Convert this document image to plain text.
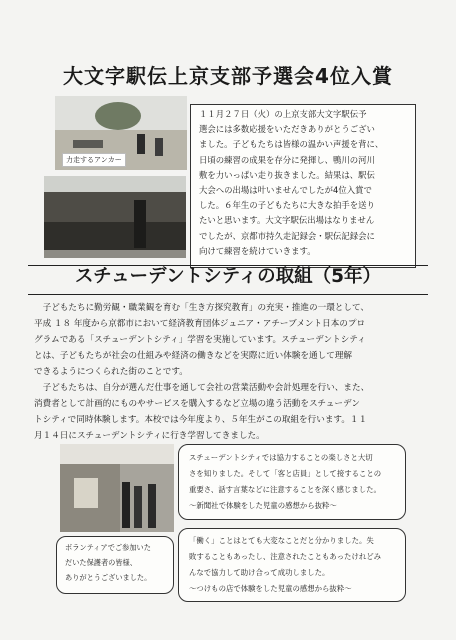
大文字駅伝上京支部予選会4位入賞
力走するアンカー
１１月２７日（火）の上京支部大文字駅伝予
選会には多数応援をいただきありがとうござい
ました。子どもたちは皆様の温かい声援を背に、
日頃の練習の成果を存分に発揮し、鴨川の河川
敷を力いっぱい走り抜きました。結果は、駅伝
大会への出場は叶いませんでしたが4位入賞で
した。６年生の子どもたちに大きな拍手を送り
たいと思います。大文字駅伝出場はなりません
でしたが、京都市持久走記録会・駅伝記録会に
向けて練習を続けていきます。
スチューデントシティの取組（5年）
子どもたちに勤労観・職業観を育む「生き方探究教育」の充実・推進の一環として、
平成 １８ 年度から京都市において経済教育団体ジュニア・アチーブメント日本のプロ
グラムである「スチューデントシティ」学習を実施しています。スチューデントシティ
とは、子どもたちが社会の仕組みや経済の働きなどを実際に近い体験を通して理解
できるようにつくられた街のことです。
子どもたちは、自分が選んだ仕事を通して会社の営業活動や会計処理を行い、また、
消費者として計画的にものやサービスを購入するなど立場の違う活動をスチューデン
トシティで同時体験します。本校では今年度より、５年生がこの取組を行います。１１
月１４日にスチューデントシティに行き学習してきました。
ボランティアでご参加いた
だいた保護者の皆様、
ありがとうございました。
スチューデントシティでは協力することの楽しさと大切
さを知りました。そして「客と店員」として接することの
重要さ、話す言葉などに注意することを深く感じました。
～新聞社で体験をした児童の感想から抜粋～
「働く」ことはとても大変なことだと分かりました。失
敗することもあったし、注意されたこともあったけれどみ
んなで協力して助け合って成功しました。
～つけもの店で体験をした児童の感想から抜粋～
